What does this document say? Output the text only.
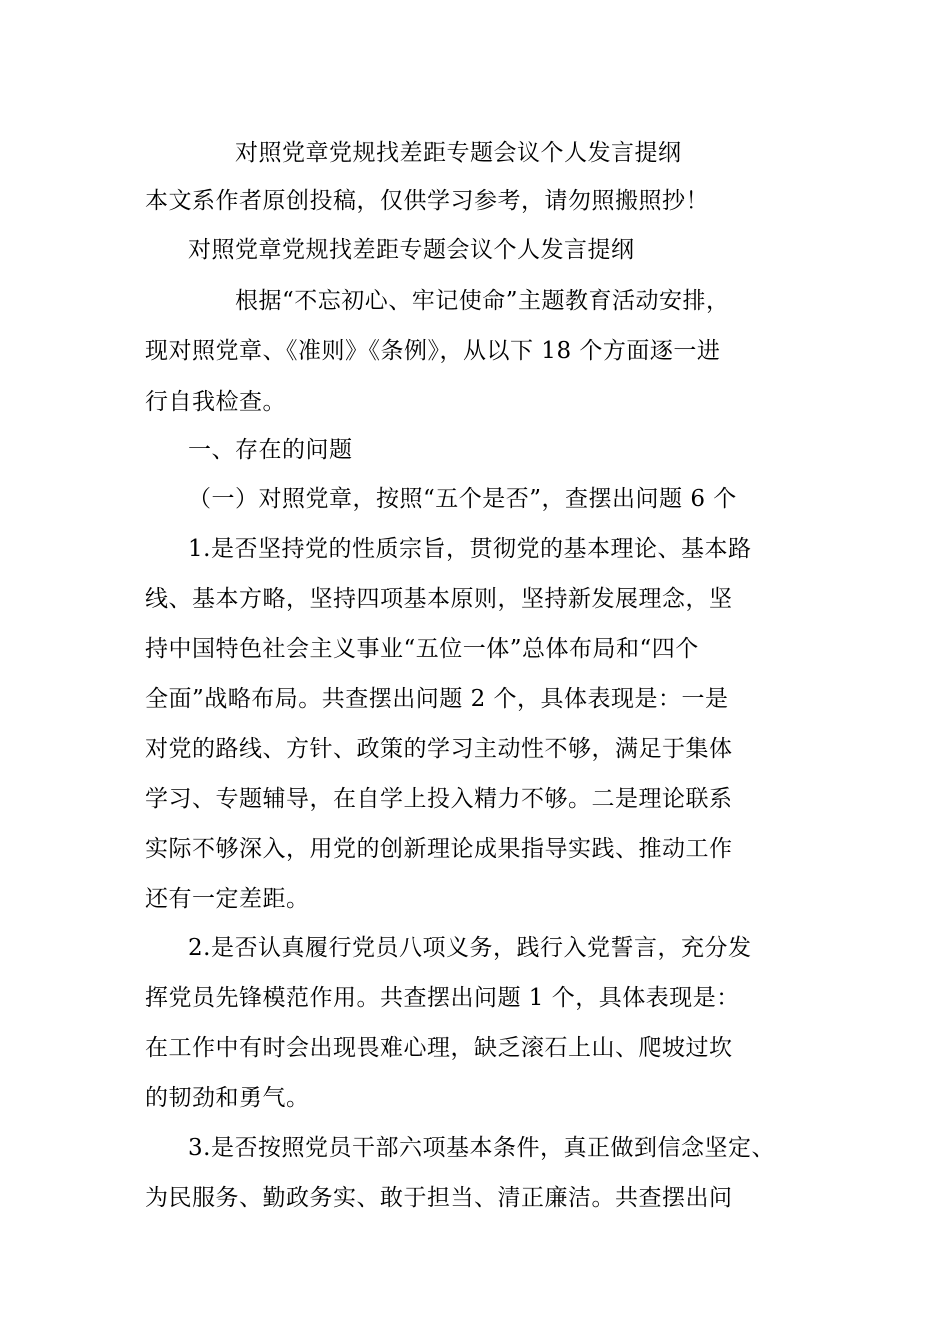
对照党章党规找差距专题会议个人发言提纲
本文系作者原创投稿，仅供学习参考，请勿照搬照抄！
对照党章党规找差距专题会议个人发言提纲
根据“不忘初心、牢记使命”主题教育活动安排，
现对照党章、《准则》《条例》，从以下 18 个方面逐一进
行自我检查。
一、存在的问题
（一）对照党章，按照“五个是否”，查摆出问题 6 个
1.是否坚持党的性质宗旨，贯彻党的基本理论、基本路
线、基本方略，坚持四项基本原则，坚持新发展理念，坚
持中国特色社会主义事业“五位一体”总体布局和“四个
全面”战略布局。共查摆出问题 2 个，具体表现是：一是
对党的路线、方针、政策的学习主动性不够，满足于集体
学习、专题辅导，在自学上投入精力不够。二是理论联系
实际不够深入，用党的创新理论成果指导实践、推动工作
还有一定差距。
2.是否认真履行党员八项义务，践行入党誓言，充分发
挥党员先锋模范作用。共查摆出问题 1 个，具体表现是：
在工作中有时会出现畏难心理，缺乏滚石上山、爬坡过坎
的韧劲和勇气。
3.是否按照党员干部六项基本条件，真正做到信念坚定、
为民服务、勤政务实、敢于担当、清正廉洁。共查摆出问
